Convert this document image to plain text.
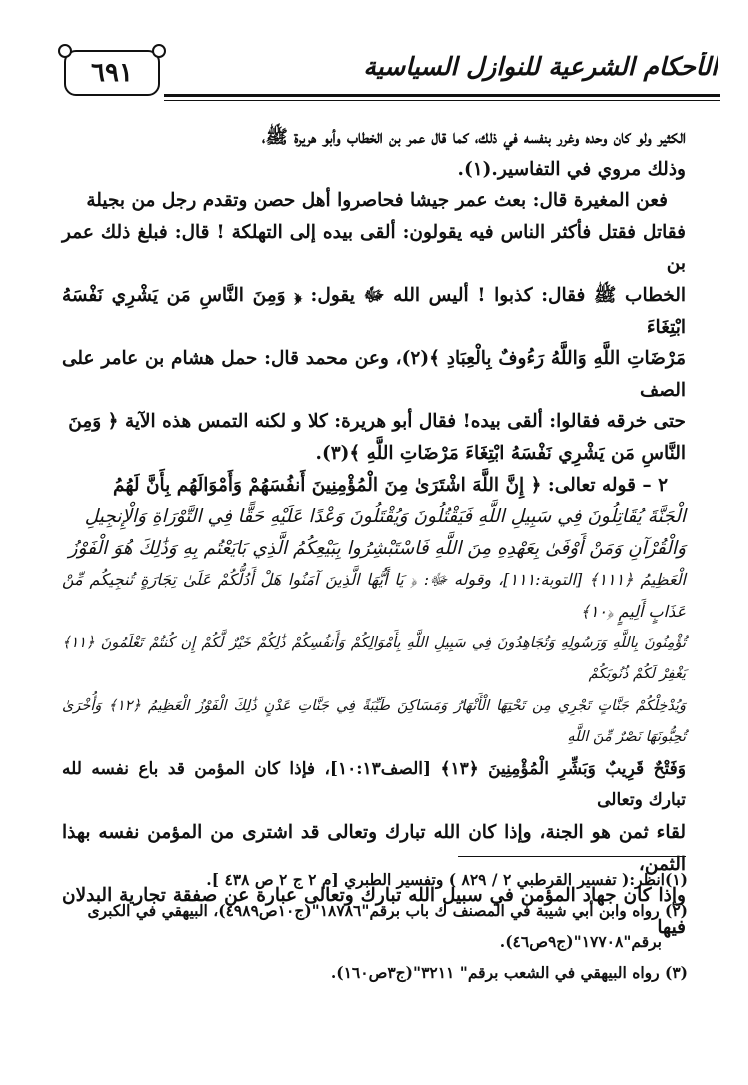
٦٩١	الأحكام الشرعية للنوازل السياسية

الكثير ولو كان وحده وغرر بنفسه في ذلك، كما قال عمر بن الخطاب وأبو هريرة ﷺ،

وذلك مروي في التفاسير.(١).

فعن المغيرة قال: بعث عمر جيشا فحاصروا أهل حصن وتقدم رجل من بجيلة

فقاتل فقتل فأكثر الناس فيه يقولون: ألقى بيده إلى التهلكة ! قال: فبلغ ذلك عمر بن

الخطاب ﷺ فقال: كذبوا ! أليس الله ﷻ يقول: ﴿ وَمِنَ النَّاسِ مَن يَشْرِي نَفْسَهُ ابْتِغَاءَ

مَرْضَاتِ اللَّهِ وَاللَّهُ رَءُوفٌ بِالْعِبَادِ ﴾(٢)، وعن محمد قال: حمل هشام بن عامر على الصف

حتى خرقه فقالوا: ألقى بيده! فقال أبو هريرة: كلا و لكنه التمس هذه الآية ﴿ وَمِنَ

النَّاسِ مَن يَشْرِي نَفْسَهُ ابْتِغَاءَ مَرْضَاتِ اللَّهِ ﴾(٣).

٢ – قوله تعالى: ﴿ إِنَّ اللَّهَ اشْتَرَىٰ مِنَ الْمُؤْمِنِينَ أَنفُسَهُمْ وَأَمْوَالَهُم بِأَنَّ لَهُمُ

الْجَنَّةَ يُقَاتِلُونَ فِي سَبِيلِ اللَّهِ فَيَقْتُلُونَ وَيُقْتَلُونَ وَعْدًا عَلَيْهِ حَقًّا فِي التَّوْرَاةِ وَالْإِنجِيلِ

وَالْقُرْآنِ وَمَنْ أَوْفَىٰ بِعَهْدِهِ مِنَ اللَّهِ فَاسْتَبْشِرُوا بِبَيْعِكُمُ الَّذِي بَايَعْتُم بِهِ وَذَٰلِكَ هُوَ الْفَوْزُ

الْعَظِيمُ ﴿١١١﴾ [التوبة:١١١]، وقوله ﷻ: ﴿ يَا أَيُّهَا الَّذِينَ آمَنُوا هَلْ أَدُلُّكُمْ عَلَىٰ تِجَارَةٍ تُنجِيكُم مِّنْ عَذَابٍ أَلِيمٍ ﴿١٠﴾

تُؤْمِنُونَ بِاللَّهِ وَرَسُولِهِ وَتُجَاهِدُونَ فِي سَبِيلِ اللَّهِ بِأَمْوَالِكُمْ وَأَنفُسِكُمْ ذَٰلِكُمْ خَيْرٌ لَّكُمْ إِن كُنتُمْ تَعْلَمُونَ ﴿١١﴾ يَغْفِرْ لَكُمْ ذُنُوبَكُمْ

وَيُدْخِلْكُمْ جَنَّاتٍ تَجْرِي مِن تَحْتِهَا الْأَنْهَارُ وَمَسَاكِنَ طَيِّبَةً فِي جَنَّاتِ عَدْنٍ ذَٰلِكَ الْفَوْزُ الْعَظِيمُ ﴿١٢﴾ وَأُخْرَىٰ تُحِبُّونَهَا نَصْرٌ مِّنَ اللَّهِ

وَفَتْحٌ قَرِيبٌ وَبَشِّرِ الْمُؤْمِنِينَ ﴿١٣﴾ [الصف١٠:١٣]، فإذا كان المؤمن قد باع نفسه لله تبارك وتعالى

لقاء ثمن هو الجنة، وإذا كان الله تبارك وتعالى قد اشترى من المؤمن نفسه بهذا الثمن،

وإذا كان جهاد المؤمن في سبيل الله تبارك وتعالى عبارة عن صفقة تجارية البدلان فيها

(١)انظر:( تفسير القرطبي ٢ / ٨٢٩ ) وتفسير الطبري [م ٢ ج ٢ ص ٤٣٨ ].

(٢) رواه وابن أبي شيبة في المصنف ك باب برقم"١٨٧٨٦"(ج١٠ص٤٩٨٩)، البيهقي في الكبرى

برقم"١٧٧٠٨"(ج٩ص٤٦).

(٣) رواه البيهقي في الشعب برقم" ٣٢١١"(ج٣ص١٦٠).
